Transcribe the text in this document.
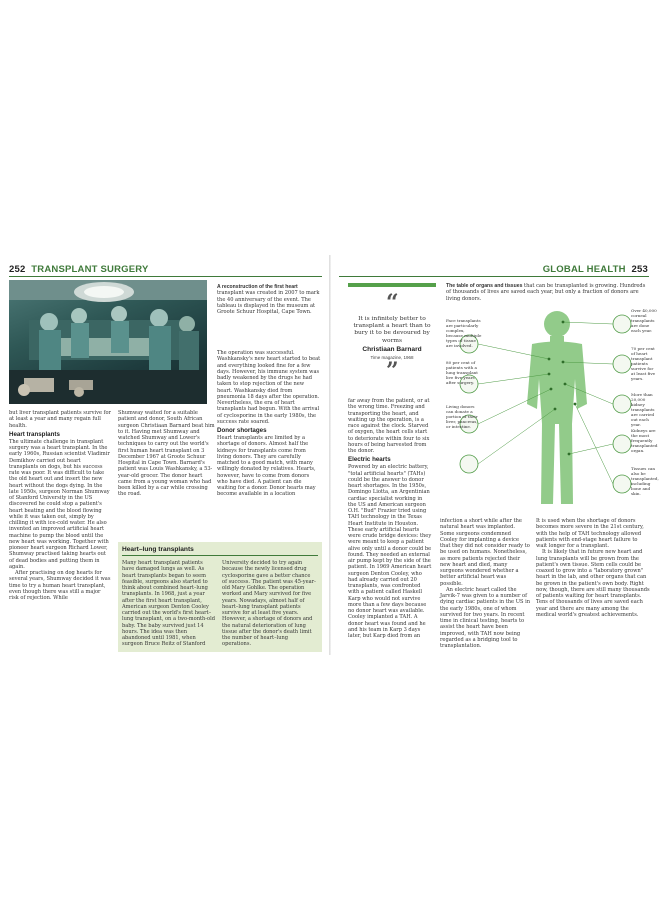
252 TRANSPLANT SURGERY	GLOBAL HEALTH 253
A reconstruction of the first heart transplant was created in 2007 to mark the 40 anniversary of the event. The tableau is displayed in the museum at Groote Schuur Hospital, Cape Town.

but liver transplant patients survive for at least a year and many regain full health.

Heart transplants

The ultimate challenge in transplant surgery was a heart transplant. In the early 1960s, Russian scientist Vladimir Demikhov carried out heart transplants on dogs, but his success rate was poor. It was difficult to take the old heart out and insert the new heart without the dogs dying. In the late 1950s, surgeon Norman Shumway of Stanford University in the US discovered he could stop a patient's heart beating and the blood flowing while it was taken out, simply by chilling it with ice-cold water. He also invented an improved artificial heart machine to pump the blood until the new heart was working. Together with pioneer heart surgeon Richard Lower, Shumway practised taking hearts out of dead bodies and putting them in again.

After practising on dog hearts for several years, Shumway decided it was time to try a human heart transplant, even though there was still a major risk of rejection. While

Shumway waited for a suitable patient and donor, South African surgeon Christiaan Barnard beat him to it. Having met Shumway and watched Shumway and Lower's techniques to carry out the world's first human heart transplant on 3 December 1967 at Groote Schuur Hospital in Cape Town. Barnard's patient was Louis Washkansky, a 53-year-old grocer. The donor heart came from a young woman who had been killed by a car while crossing the road.

The operation was successful. Washkansky's new heart started to beat and everything looked fine for a few days. However, his immune system was badly weakened by the drugs he had taken to stop rejection of the new heart. Washkansky died from pneumonia 18 days after the operation. Nevertheless, the era of heart transplants had begun. With the arrival of cyclosporine in the early 1980s, the success rate soared.

Donor shortages

Heart transplants are limited by a shortage of donors. Almost half the kidneys for transplants come from living donors. They are carefully matched to a good match, with many willingly donated by relatives. Hearts, however, have to come from donors who have died. A patient can die waiting for a donor. Donor hearts may become available in a location

Heart–lung transplants
Many heart transplant patients have damaged lungs as well. As heart transplants began to seem feasible, surgeons also started to think about combined heart–lung transplants. In 1968, just a year after the first heart transplant, American surgeon Denton Cooley carried out the world's first heart–lung transplant, on a two-month-old baby. The baby survived just 14 hours. The idea was then abandoned until 1981, when surgeon Bruce Reitz of Stanford
University decided to try again because the newly licensed drug cyclosporine gave a better chance of success. The patient was 45-year-old Mary Gohlke. The operation worked and Mary survived for five years. Nowadays, almost half of heart–lung transplant patients survive for at least five years. However, a shortage of donors and the natural deterioration of lung tissue after the donor's death limit the number of heart–lung operations.
“
It is infinitely better to transplant a heart than to bury it to be devoured by worms
Christiaan Barnard
Time magazine, 1968
”

far away from the patient, or at the wrong time. Freezing and transporting the heart, and waiting up the operation, is a race against the clock. Starved of oxygen, the heart cells start to deteriorate within four to six hours of being harvested from the donor.

Electric hearts

Powered by an electric battery, "total artificial hearts" (TAHs) could be the answer to donor heart shortages. In the 1950s, Domingo Liotta, an Argentinian cardiac specialist working in the US and American surgeon O.H. "Bud" Frazier tried using TAH technology in the Texas Heart Institute in Houston. These early artificial hearts were crude bridge devices: they were meant to keep a patient alive only until a donor could be found. They needed an external air pump kept by the side of the patient. In 1969 American heart surgeon Denton Cooley, who had already carried out 20 transplants, was confronted with a patient called Haskell Karp who would not survive more than a few days because no donor heart was available. Cooley implanted a TAH. A donor heart was found and he and his team in Karp 3 days later, but Karp died from an

infection a short while after the natural heart was implanted. Some surgeons condemned Cooley for implanting a device that they did not consider ready to be used on humans. Nonetheless, as more patients rejected their new heart and died, many surgeons wondered whether a better artificial heart was possible.

An electric heart called the Jarvik-7 was given to a number of dying cardiac patients in the US in the early 1980s, one of whom survived for two years. In recent time in clinical testing, hearts to assist the heart have been improved, with TAH now being regarded as a bridging tool to transplantation.

It is used when the shortage of donors becomes more severe in the 21st century, with the help of TAH technology allowed patients with end-stage heart failure to wait longer for a transplant.

It is likely that in future new heart and lung transplants will be grown from the patient's own tissue. Stem cells could be coaxed to grow into a "laboratory grown" heart in the lab, and other organs that can be grown in the patient's own body. Right now, though, there are still many thousands of patients waiting for heart transplants. Tens of thousands of lives are saved each year and there are many among the medical world's greatest achievements.

The table of organs and tissues that can be transplanted is growing. Hundreds of thousands of lives are saved each year, but only a fraction of donors are living donors.
Face transplants are particularly complex, because multiple types of tissue are involved.
80 per cent of patients with a lung transplant live five years after surgery.
Living donors can donate a portion of their liver, pancreas, or intestine.
Over 40,000 corneal transplants are done each year.
70 per cent of heart transplant patients survive for at least five years.
More than 20,000 kidney transplants are carried out each year.
Kidneys are the most frequently transplanted organ.
Tissues can also be transplanted, including bone and skin.
